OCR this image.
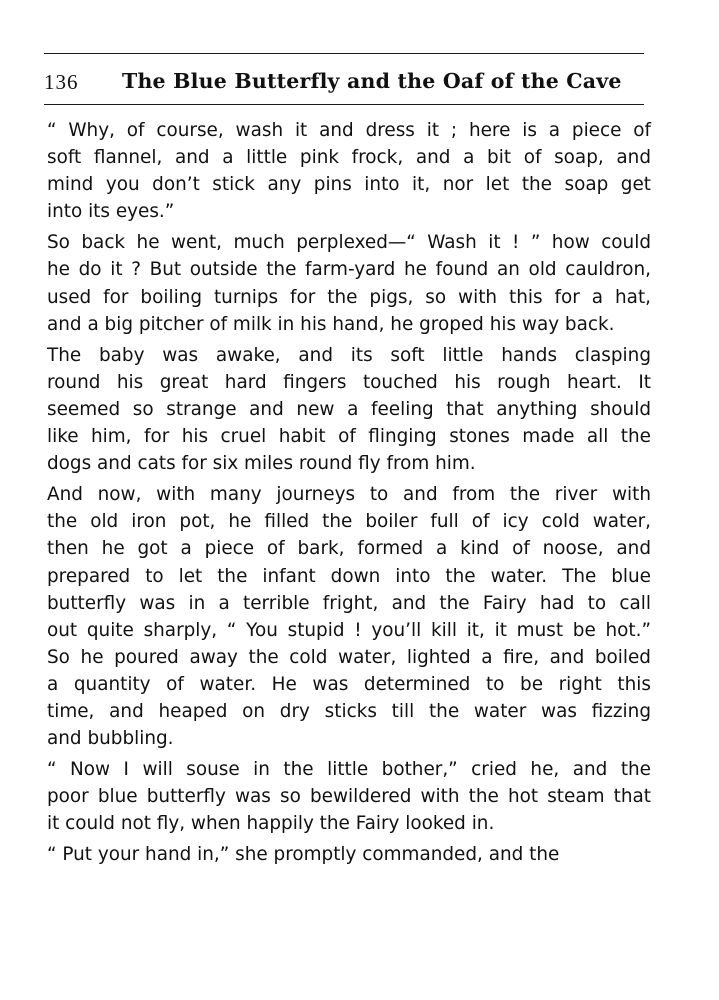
136 The Blue Butterfly and the Oaf of the Cave
“ Why, of course, wash it and dress it ; here is a piece of
soft flannel, and a little pink frock, and a bit of soap, and
mind you don’t stick any pins into it, nor let the soap get
into its eyes.”
So back he went, much perplexed—“ Wash it ! ” how could
he do it ? But outside the farm-yard he found an old cauldron,
used for boiling turnips for the pigs, so with this for a hat,
and a big pitcher of milk in his hand, he groped his way back.
The baby was awake, and its soft little hands clasping
round his great hard fingers touched his rough heart. It
seemed so strange and new a feeling that anything should
like him, for his cruel habit of flinging stones made all the
dogs and cats for six miles round fly from him.
And now, with many journeys to and from the river with
the old iron pot, he filled the boiler full of icy cold water,
then he got a piece of bark, formed a kind of noose, and
prepared to let the infant down into the water. The blue
butterfly was in a terrible fright, and the Fairy had to call
out quite sharply, “ You stupid ! you’ll kill it, it must be hot.”
So he poured away the cold water, lighted a fire, and boiled
a quantity of water. He was determined to be right this
time, and heaped on dry sticks till the water was fizzing
and bubbling.
“ Now I will souse in the little bother,” cried he, and the
poor blue butterfly was so bewildered with the hot steam that
it could not fly, when happily the Fairy looked in.
“ Put your hand in,” she promptly commanded, and the
